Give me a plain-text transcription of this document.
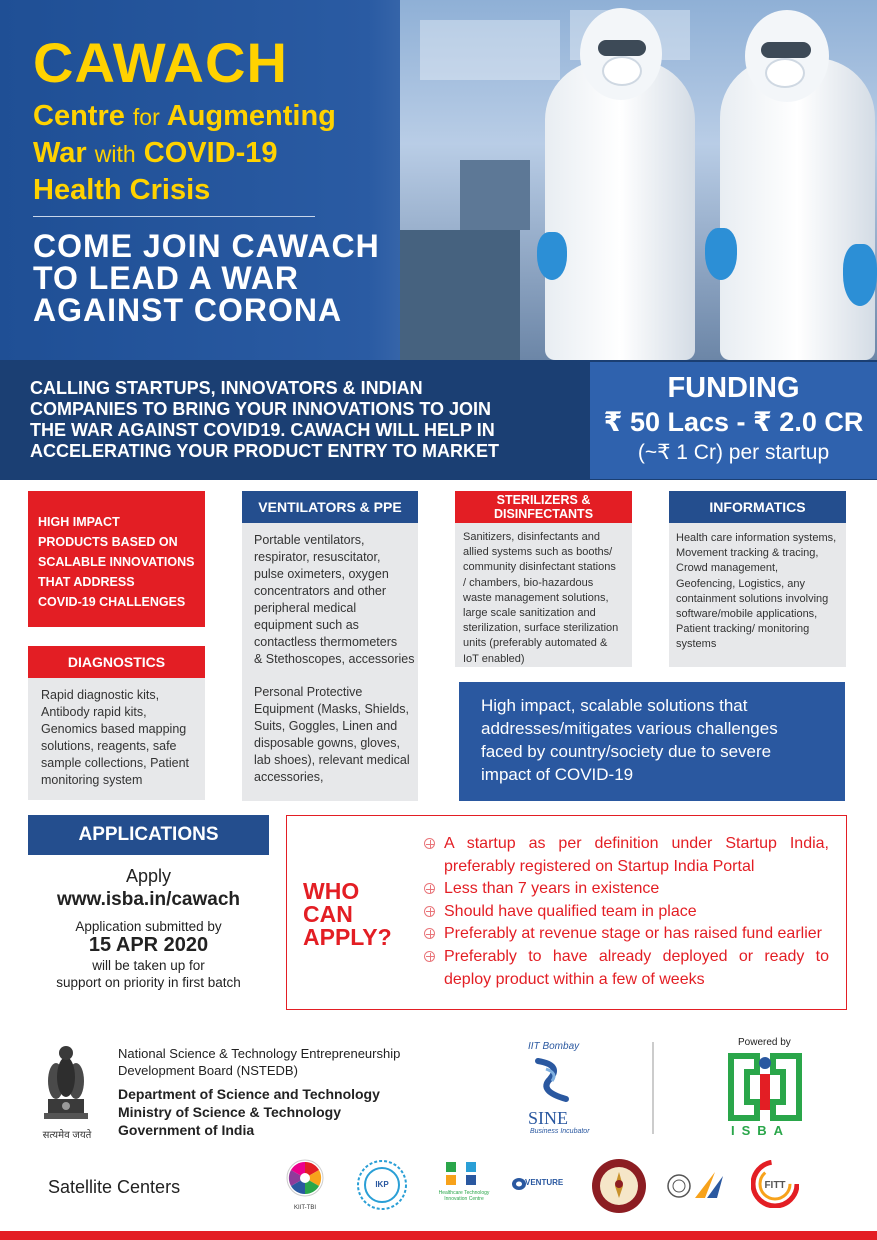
CAWACH
Centre for Augmenting
War with COVID-19
Health Crisis
COME JOIN CAWACH
TO LEAD A WAR
AGAINST CORONA
CALLING STARTUPS, INNOVATORS & INDIAN
COMPANIES TO BRING YOUR INNOVATIONS TO JOIN
THE WAR AGAINST COVID19. CAWACH WILL HELP IN
ACCELERATING YOUR PRODUCT ENTRY TO MARKET
FUNDING
₹ 50 Lacs - ₹ 2.0 CR
(~₹ 1 Cr) per startup
HIGH IMPACT
PRODUCTS BASED ON
SCALABLE INNOVATIONS
THAT ADDRESS
COVID-19 CHALLENGES
DIAGNOSTICS
Rapid diagnostic kits,
Antibody rapid kits,
Genomics based mapping
solutions, reagents, safe
sample collections, Patient
monitoring system
VENTILATORS & PPE
Portable ventilators,
respirator, resuscitator,
pulse oximeters, oxygen
concentrators and other
peripheral medical
equipment such as
contactless thermometers
& Stethoscopes, accessories
Personal Protective
Equipment (Masks, Shields,
Suits, Goggles, Linen and
disposable gowns, gloves,
lab shoes), relevant medical
accessories,
STERILIZERS &
DISINFECTANTS
Sanitizers, disinfectants and
allied systems such as booths/
community disinfectant stations
/ chambers, bio-hazardous
waste management solutions,
large scale sanitization and
sterilization, surface sterilization
units (preferably automated &
IoT enabled)
INFORMATICS
Health care information systems,
Movement tracking & tracing,
Crowd management,
Geofencing, Logistics, any
containment solutions involving
software/mobile applications,
Patient tracking/ monitoring
systems
High impact, scalable solutions that
addresses/mitigates various challenges
faced by country/society due to severe
impact of COVID-19
APPLICATIONS
Apply
www.isba.in/cawach
Application submitted by
15 APR 2020
will be taken up for
support on priority in first batch
WHO
CAN
APPLY?
A startup as per definition under Startup India, preferably registered on Startup India Portal
Less than 7 years in existence
Should have qualified team in place
Preferably at revenue stage or has raised fund earlier
Preferably to have already deployed or ready to deploy product within a few of weeks
सत्यमेव जयते
National Science & Technology Entrepreneurship
Development Board (NSTEDB)
Department of Science and Technology
Ministry of Science & Technology
Government of India
IIT Bombay
SINE
Business Incubator
Powered by
ISBA
Satellite Centers
KIIT-TBI
IKP
Healthcare Technology Innovation Centre
VENTURE	FITT
